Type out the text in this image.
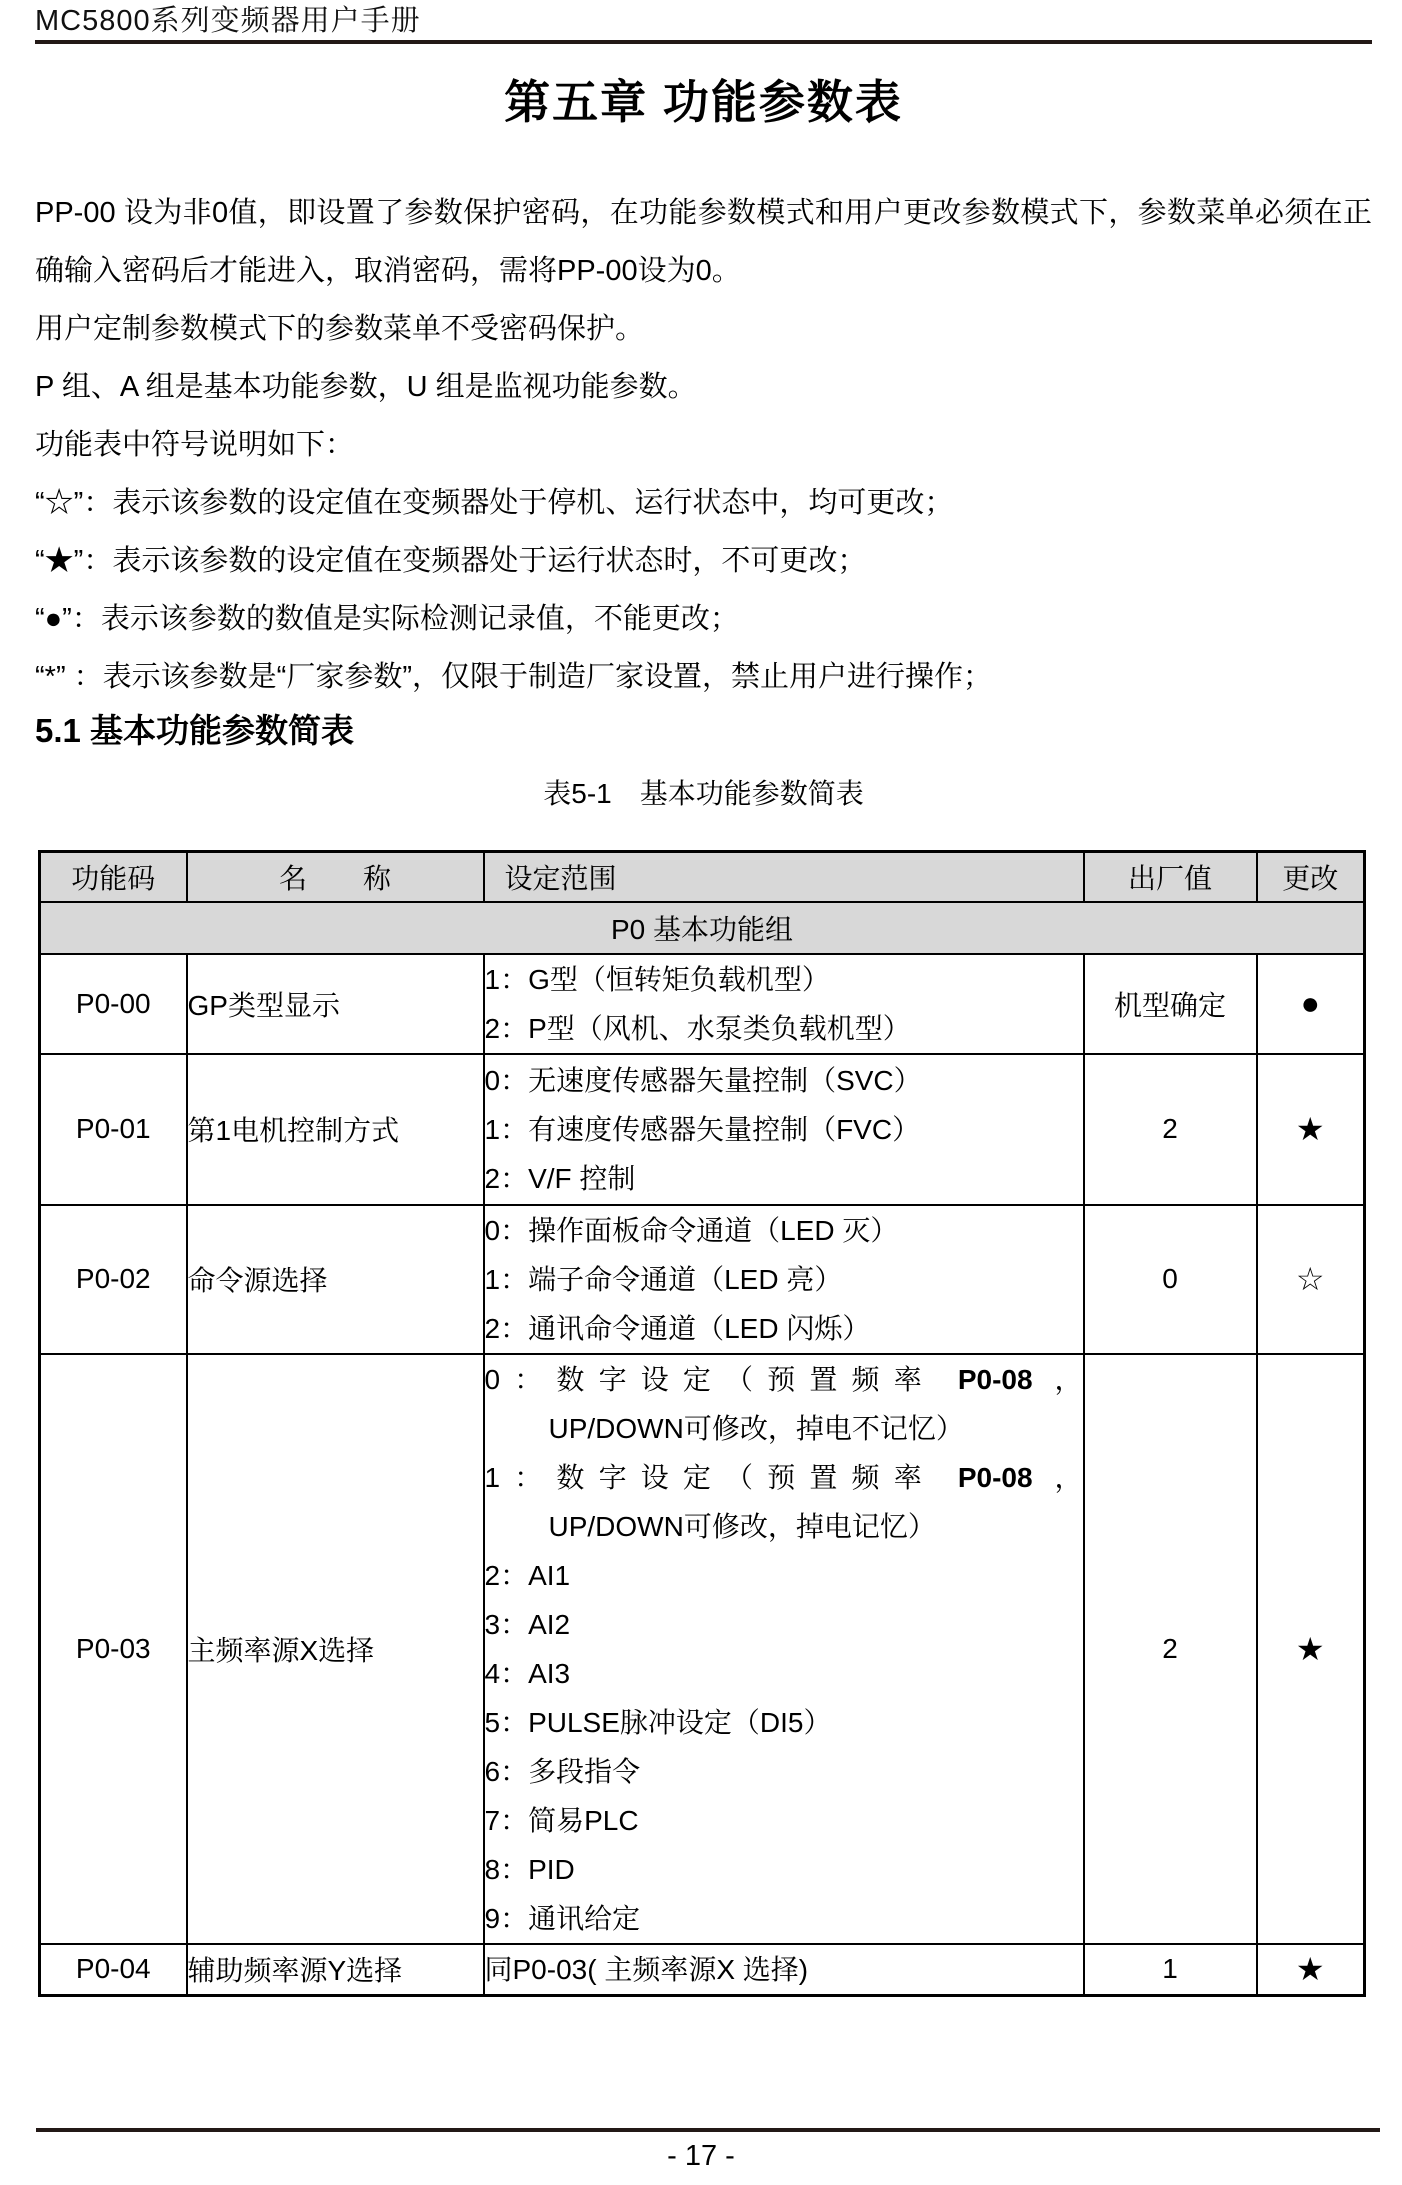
MC5800系列变频器用户手册
第五章 功能参数表

PP-00 设为非0值，即设置了参数保护密码，在功能参数模式和用户更改参数模式下，参数菜单必须在正确输入密码后才能进入，取消密码，需将PP-00设为0。

用户定制参数模式下的参数菜单不受密码保护。

P 组、A 组是基本功能参数，U 组是监视功能参数。

功能表中符号说明如下：

“☆”：表示该参数的设定值在变频器处于停机、运行状态中，均可更改；

“★”：表示该参数的设定值在变频器处于运行状态时，不可更改；

“●”：表示该参数的数值是实际检测记录值，不能更改；

“*” ：表示该参数是“厂家参数”，仅限于制造厂家设置，禁止用户进行操作；

5.1 基本功能参数简表
表5-1　基本功能参数简表
功能码	名　　称	设定范围	出厂值	更改
P0 基本功能组				
P0-00	GP类型显示	1：G型（恒转矩负载机型）
2：P型（风机、水泵类负载机型）	机型确定	●
P0-01	第1电机控制方式	0：无速度传感器矢量控制（SVC）
1：有速度传感器矢量控制（FVC）
2：V/F 控制	2	★
P0-02	命令源选择	0：操作面板命令通道（LED 灭）
1：端子命令通道（LED 亮）
2：通讯命令通道（LED 闪烁）	0	☆
P0-03	主频率源X选择	
0：数字设定（预置频率 P0-08 ，
UP/DOWN可修改，掉电不记忆）
1：数字设定（预置频率 P0-08 ，
UP/DOWN可修改，掉电记忆）
2：AI1
3：AI2
4：AI3
5：PULSE脉冲设定（DI5）
6：多段指令
7：简易PLC
8：PID
9：通讯给定
	2	★
P0-04	辅助频率源Y选择	同P0-03( 主频率源X 选择)	1	★
- 17 -
